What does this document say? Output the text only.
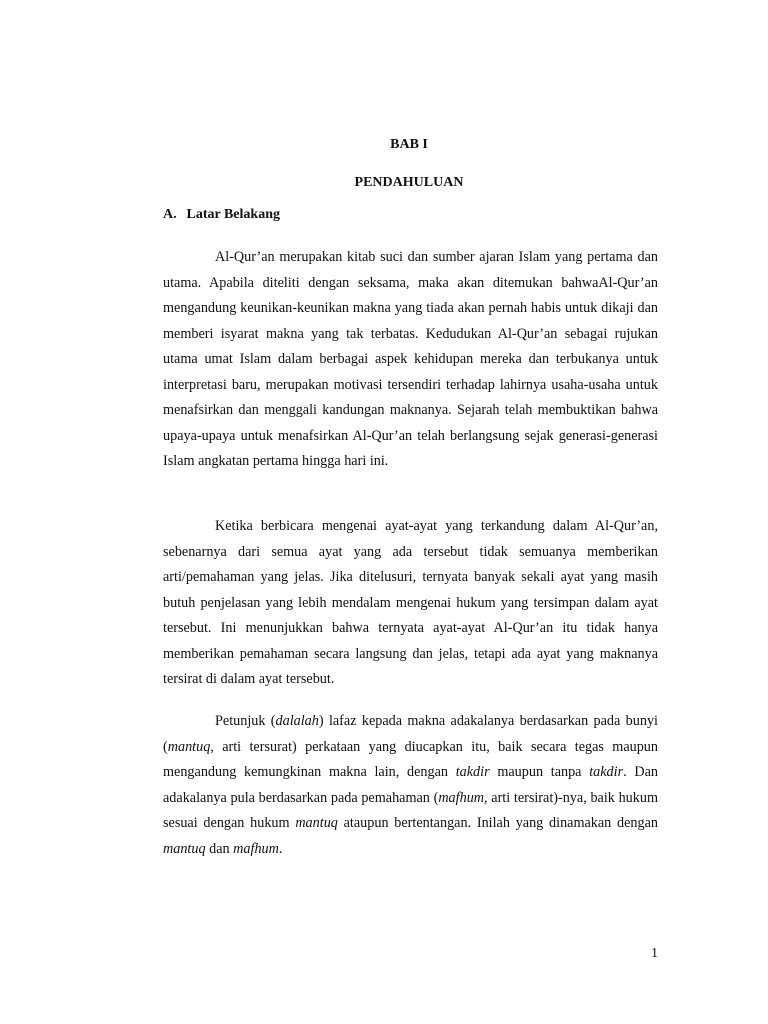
BAB I
PENDAHULUAN
A. Latar Belakang

Al-Qur’an merupakan kitab suci dan sumber ajaran Islam yang pertama dan utama. Apabila diteliti dengan seksama, maka akan ditemukan bahwaAl-Qur’an mengandung keunikan-keunikan makna yang tiada akan pernah habis untuk dikaji dan memberi isyarat makna yang tak terbatas. Kedudukan Al-Qur’an sebagai rujukan utama umat Islam dalam berbagai aspek kehidupan mereka dan terbukanya untuk interpretasi baru, merupakan motivasi tersendiri terhadap lahirnya usaha-usaha untuk menafsirkan dan menggali kandungan maknanya. Sejarah telah membuktikan bahwa upaya-upaya untuk menafsirkan Al-Qur’an telah berlangsung sejak generasi-generasi Islam angkatan pertama hingga hari ini.

Ketika berbicara mengenai ayat-ayat yang terkandung dalam Al-Qur’an, sebenarnya dari semua ayat yang ada tersebut tidak semuanya memberikan arti/pemahaman yang jelas. Jika ditelusuri, ternyata banyak sekali ayat yang masih butuh penjelasan yang lebih mendalam mengenai hukum yang tersimpan dalam ayat tersebut. Ini menunjukkan bahwa ternyata ayat-ayat Al-Qur’an itu tidak hanya memberikan pemahaman secara langsung dan jelas, tetapi ada ayat yang maknanya tersirat di dalam ayat tersebut.

Petunjuk (dalalah) lafaz kepada makna adakalanya berdasarkan pada bunyi (mantuq, arti tersurat) perkataan yang diucapkan itu, baik secara tegas maupun mengandung kemungkinan makna lain, dengan takdir maupun tanpa takdir. Dan adakalanya pula berdasarkan pada pemahaman (mafhum, arti tersirat)-nya, baik hukum sesuai dengan hukum mantuq ataupun bertentangan. Inilah yang dinamakan dengan mantuq dan mafhum.

1
